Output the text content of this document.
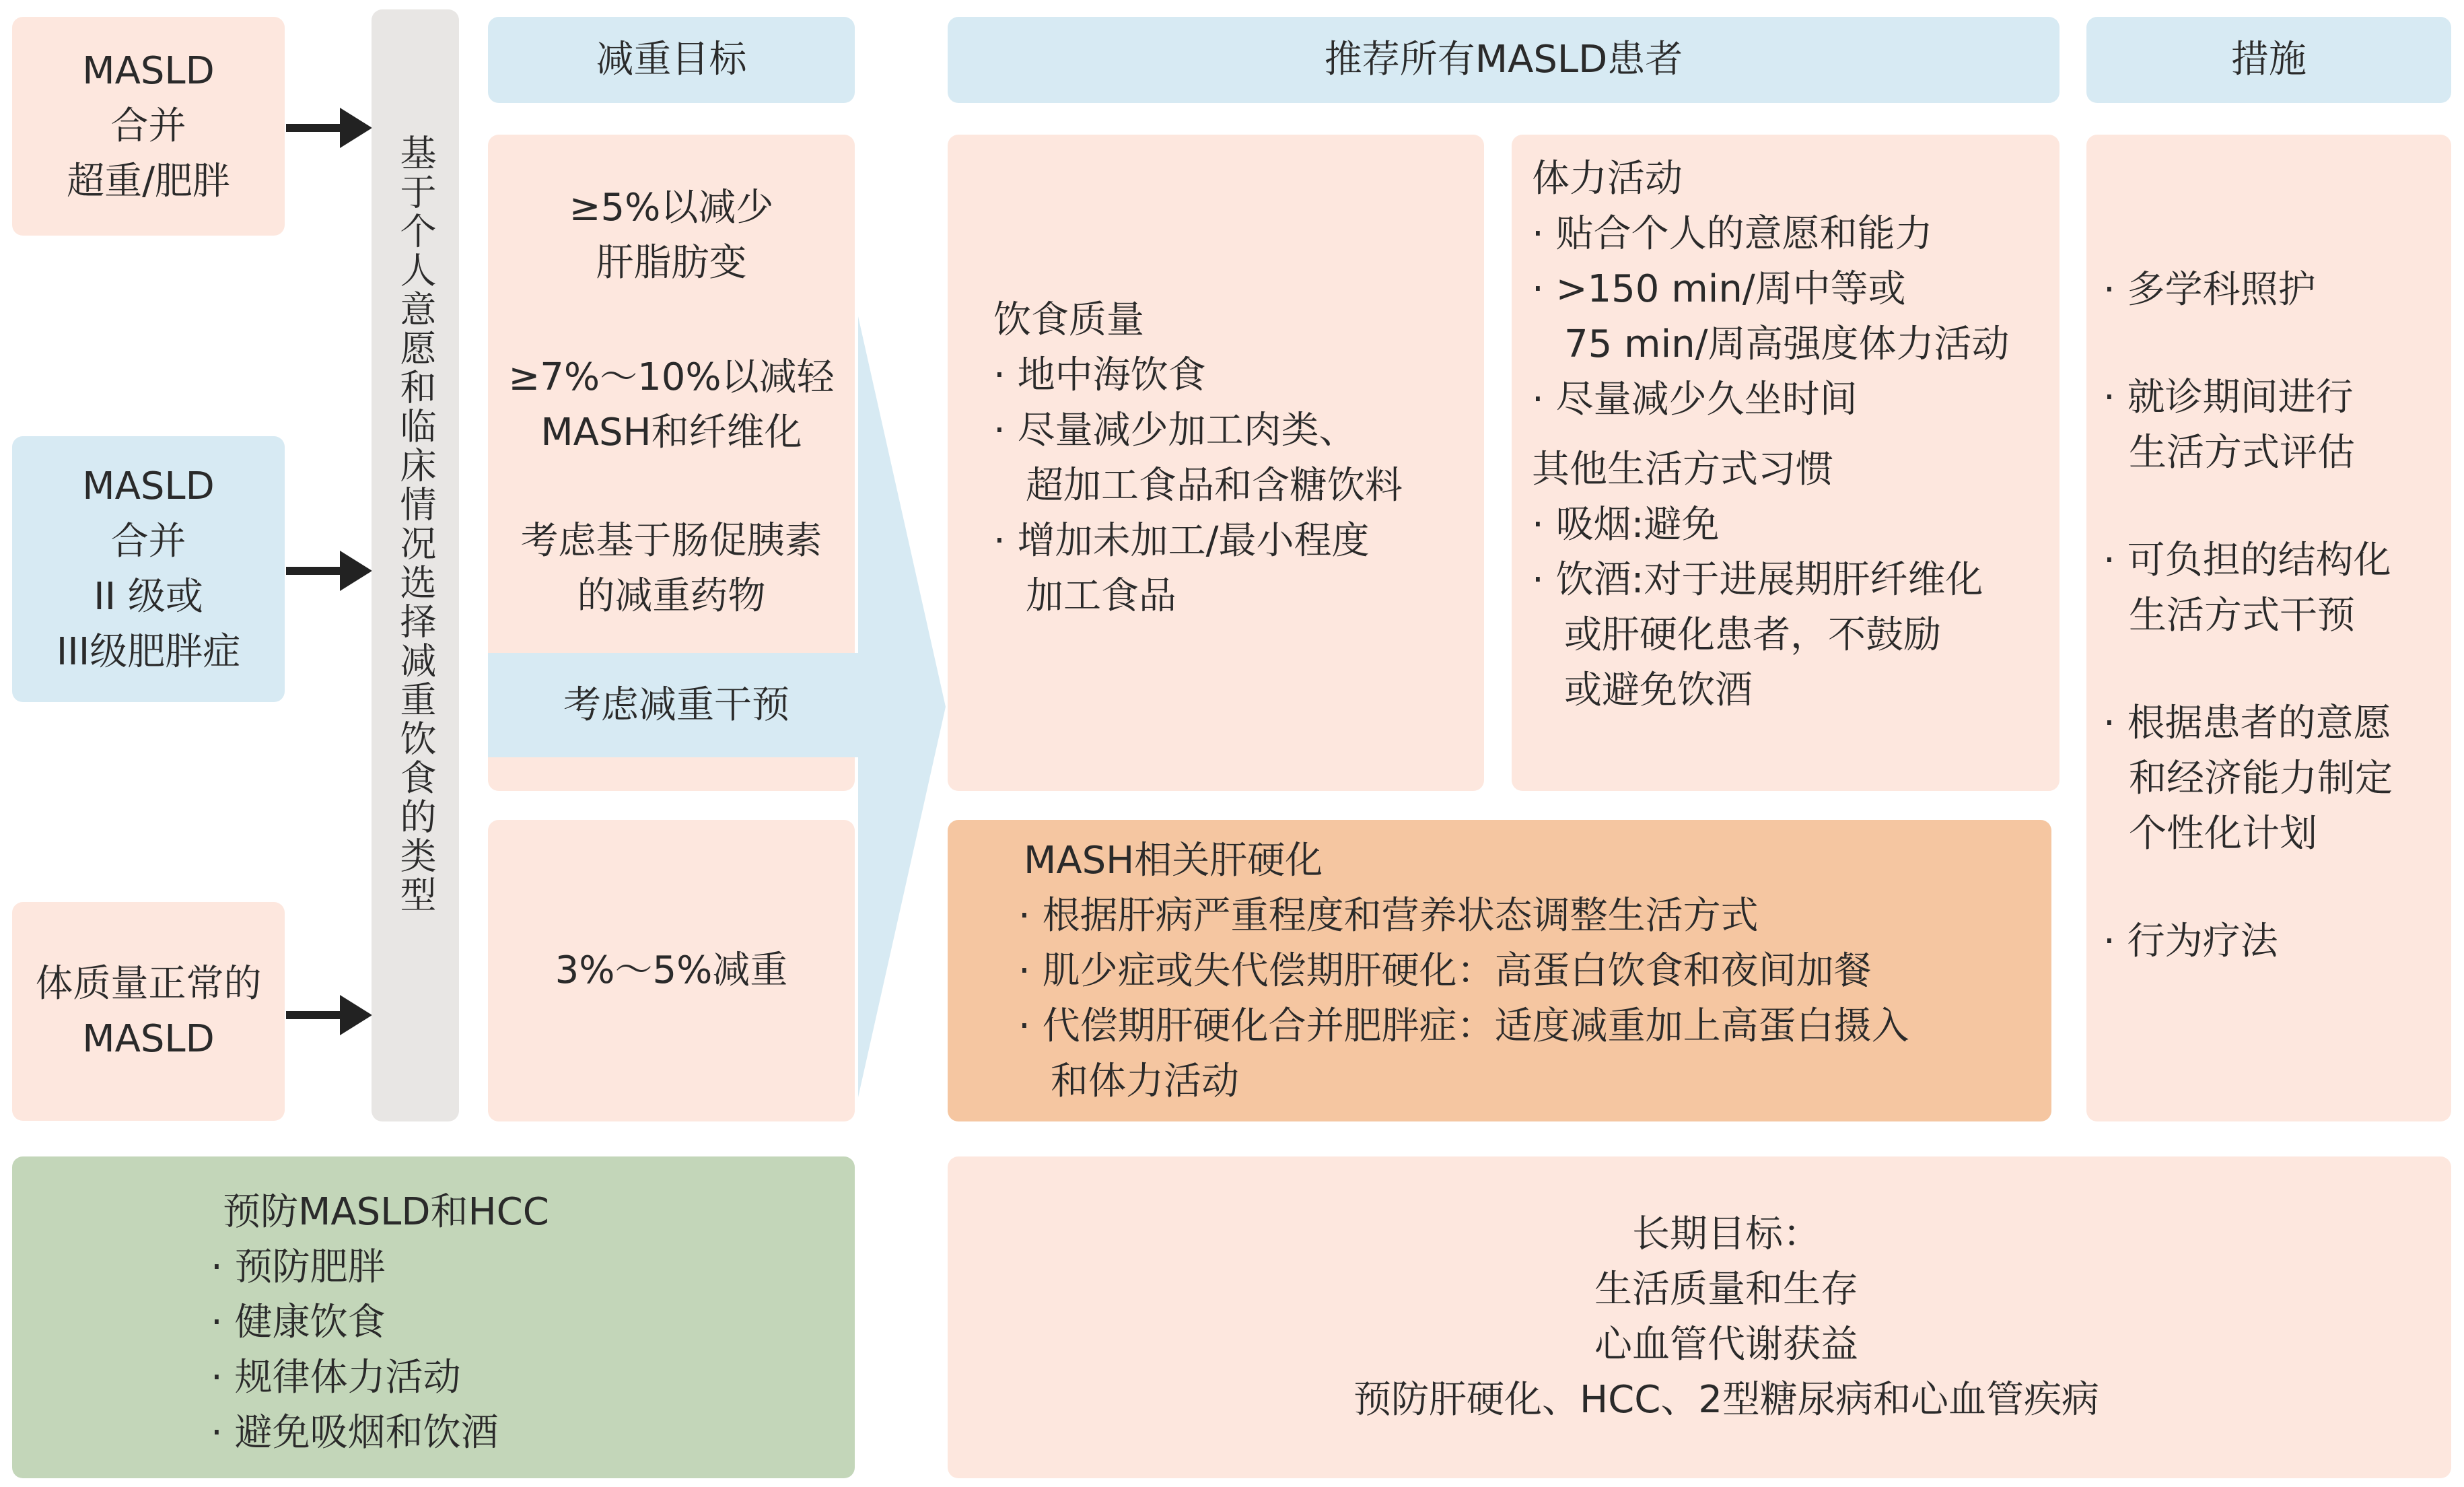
MASLD
合并
超重/肥胖
MASLD
合并
II 级或
III级肥胖症
体质量正常的
MASLD
基于个人意愿和临床情况选择减重饮食的类型
减重目标	推荐所有MASLD患者	措施
≥5%以减少
肝脂肪变
≥7%～10%以减轻
MASH和纤维化
考虑基于肠促胰素
的减重药物
考虑减重干预
3%～5%减重
饮食质量
· 地中海饮食
· 尽量减少加工肉类、
超加工食品和含糖饮料
· 增加未加工/最小程度
加工食品
体力活动
· 贴合个人的意愿和能力
· >150 min/周中等或
75 min/周高强度体力活动
· 尽量减少久坐时间
其他生活方式习惯
· 吸烟:避免
· 饮酒:对于进展期肝纤维化
或肝硬化患者，不鼓励
或避免饮酒
MASH相关肝硬化
· 根据肝病严重程度和营养状态调整生活方式
· 肌少症或失代偿期肝硬化：高蛋白饮食和夜间加餐
· 代偿期肝硬化合并肥胖症：适度减重加上高蛋白摄入
和体力活动
· 多学科照护
· 就诊期间进行
生活方式评估
· 可负担的结构化
生活方式干预
· 根据患者的意愿
和经济能力制定
个性化计划
· 行为疗法
预防MASLD和HCC
· 预防肥胖
· 健康饮食
· 规律体力活动
· 避免吸烟和饮酒
长期目标：
生活质量和生存
心血管代谢获益
预防肝硬化、HCC、2型糖尿病和心血管疾病
